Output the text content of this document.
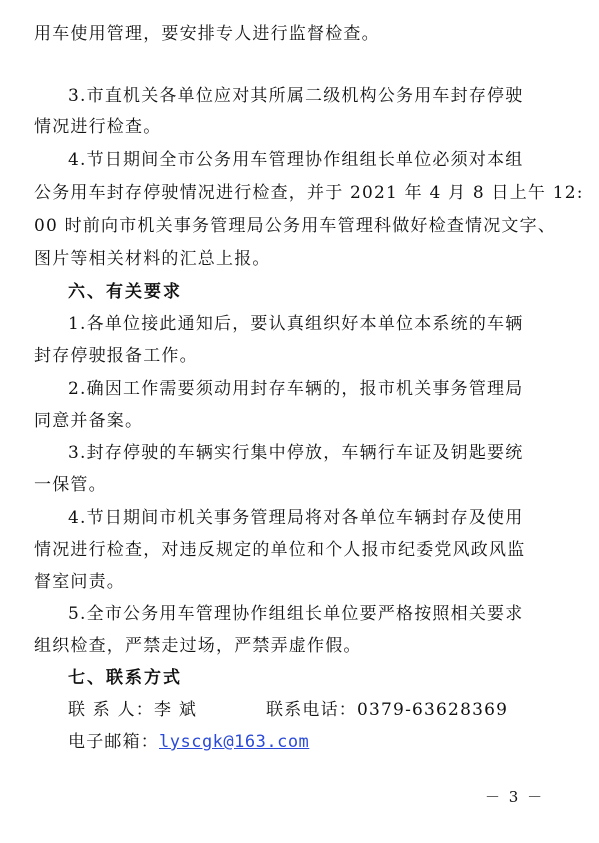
用车使用管理，要安排专人进行监督检查。
3.市直机关各单位应对其所属二级机构公务用车封存停驶
情况进行检查。
4.节日期间全市公务用车管理协作组组长单位必须对本组
公务用车封存停驶情况进行检查，并于 2021 年 4 月 8 日上午 12:
00 时前向市机关事务管理局公务用车管理科做好检查情况文字、
图片等相关材料的汇总上报。
六、有关要求
1.各单位接此通知后，要认真组织好本单位本系统的车辆
封存停驶报备工作。
2.确因工作需要须动用封存车辆的，报市机关事务管理局
同意并备案。
3.封存停驶的车辆实行集中停放，车辆行车证及钥匙要统
一保管。
4.节日期间市机关事务管理局将对各单位车辆封存及使用
情况进行检查，对违反规定的单位和个人报市纪委党风政风监
督室问责。
5.全市公务用车管理协作组组长单位要严格按照相关要求
组织检查，严禁走过场，严禁弄虚作假。
七、联系方式
联 系 人：李 斌	联系电话：0379-63628369
电子邮箱：lyscgk@163.com
－ 3 －
